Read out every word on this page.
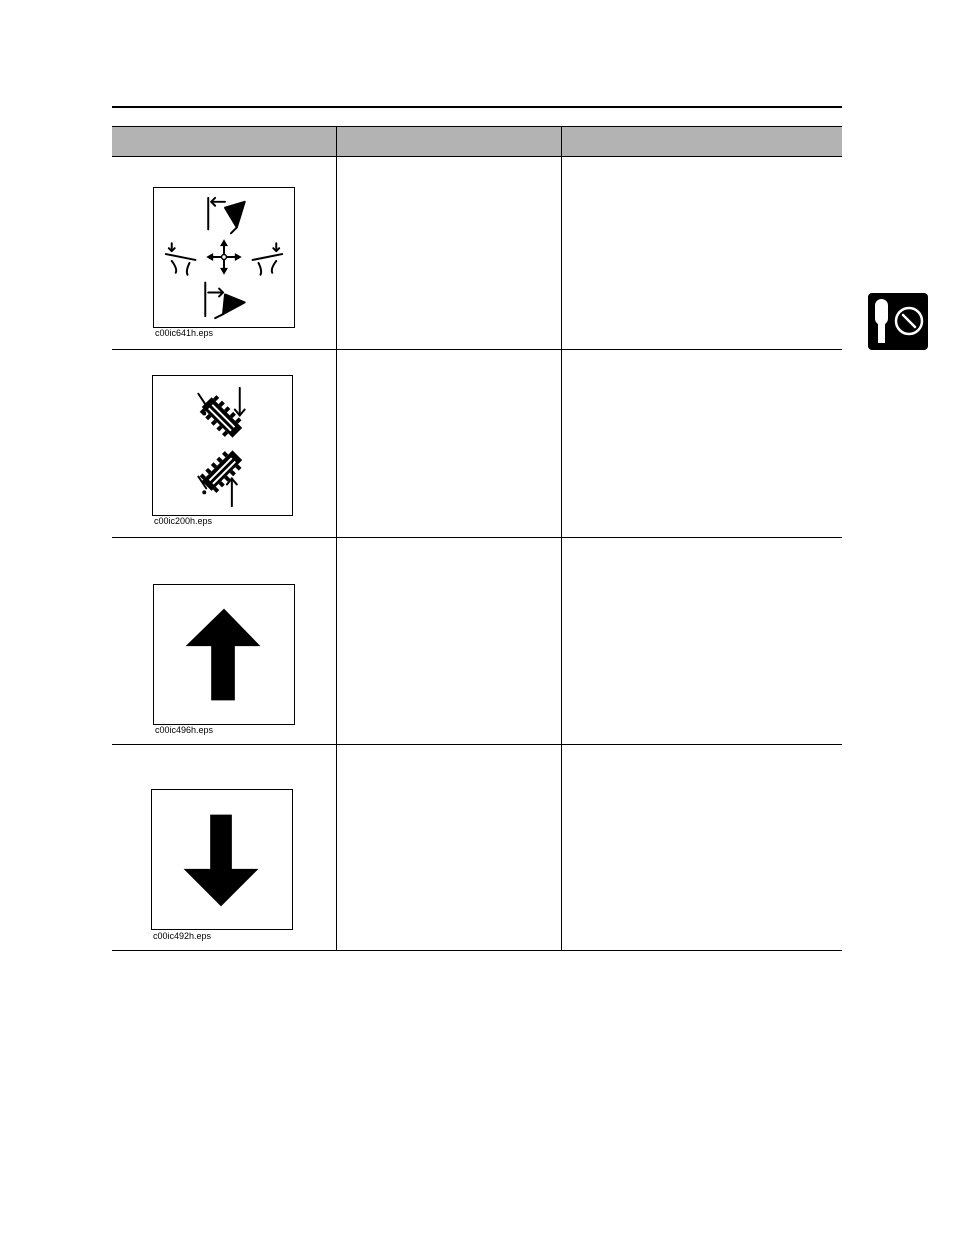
c00ic641h.eps
c00ic200h.eps
c00ic496h.eps
c00ic492h.eps
